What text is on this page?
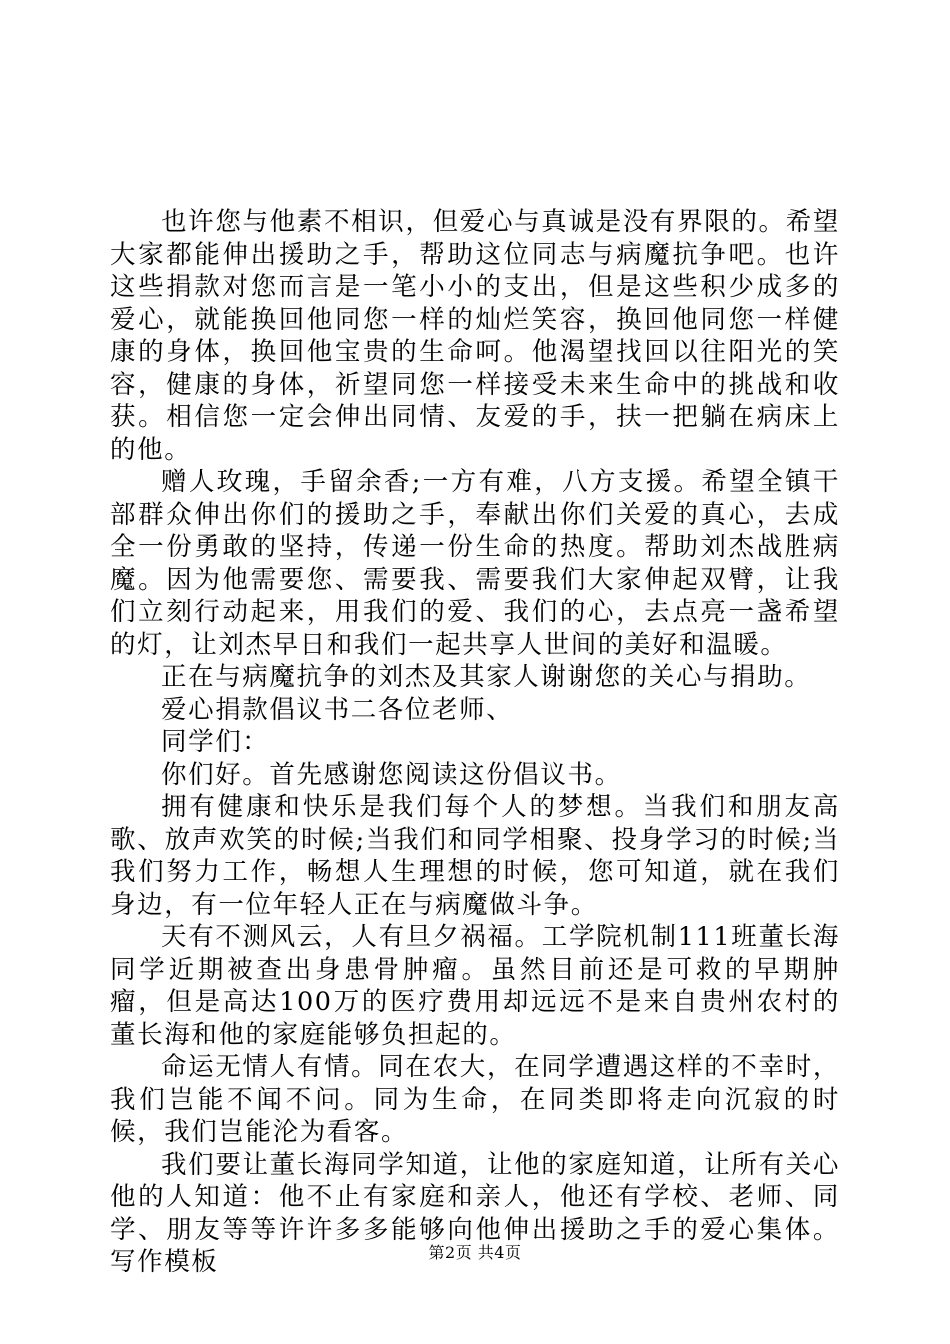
也许您与他素不相识，但爱心与真诚是没有界限的。希望大家都能伸出援助之手，帮助这位同志与病魔抗争吧。也许这些捐款对您而言是一笔小小的支出，但是这些积少成多的爱心，就能换回他同您一样的灿烂笑容，换回他同您一样健康的身体，换回他宝贵的生命呵。他渴望找回以往阳光的笑容，健康的身体，祈望同您一样接受未来生命中的挑战和收获。相信您一定会伸出同情、友爱的手，扶一把躺在病床上的他。

赠人玫瑰，手留余香;一方有难，八方支援。希望全镇干部群众伸出你们的援助之手，奉献出你们关爱的真心，去成全一份勇敢的坚持，传递一份生命的热度。帮助刘杰战胜病魔。因为他需要您、需要我、需要我们大家伸起双臂，让我们立刻行动起来，用我们的爱、我们的心，去点亮一盏希望的灯，让刘杰早日和我们一起共享人世间的美好和温暖。

正在与病魔抗争的刘杰及其家人谢谢您的关心与捐助。

爱心捐款倡议书二各位老师、

同学们：

你们好。首先感谢您阅读这份倡议书。

拥有健康和快乐是我们每个人的梦想。当我们和朋友高歌、放声欢笑的时候;当我们和同学相聚、投身学习的时候;当我们努力工作，畅想人生理想的时候，您可知道，就在我们身边，有一位年轻人正在与病魔做斗争。

天有不测风云，人有旦夕祸福。工学院机制111班董长海同学近期被查出身患骨肿瘤。虽然目前还是可救的早期肿瘤，但是高达100万的医疗费用却远远不是来自贵州农村的董长海和他的家庭能够负担起的。

命运无情人有情。同在农大，在同学遭遇这样的不幸时，我们岂能不闻不问。同为生命，在同类即将走向沉寂的时候，我们岂能沦为看客。

我们要让董长海同学知道，让他的家庭知道，让所有关心他的人知道：他不止有家庭和亲人，他还有学校、老师、同学、朋友等等许许多多能够向他伸出援助之手的爱心集体。写作模板	第2页 共4页
